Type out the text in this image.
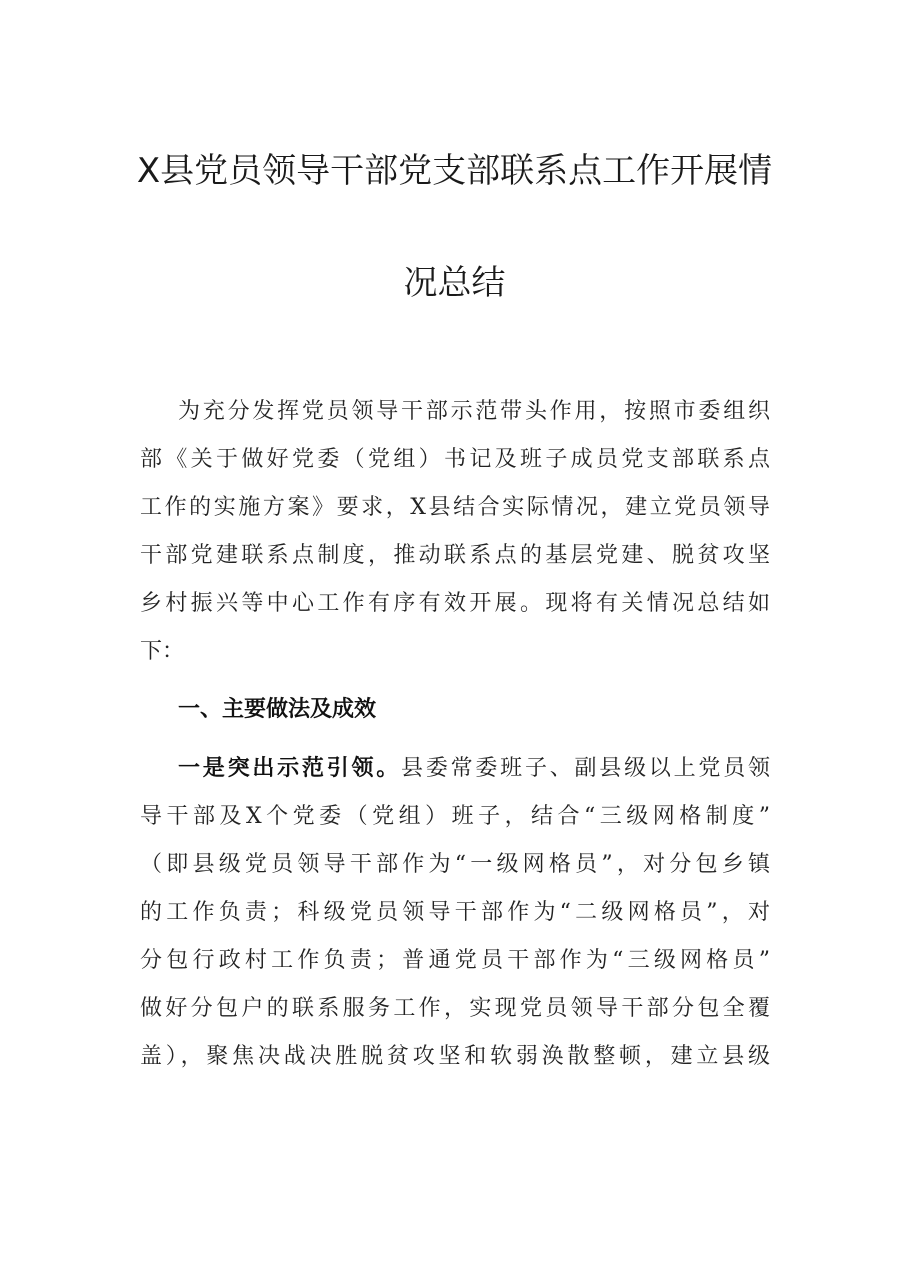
X县党员领导干部党支部联系点工作开展情
况总结
为充分发挥党员领导干部示范带头作用，按照市委组织
部《关于做好党委（党组）书记及班子成员党支部联系点
工作的实施方案》要求，X县结合实际情况，建立党员领导
干部党建联系点制度，推动联系点的基层党建、脱贫攻坚
乡村振兴等中心工作有序有效开展。现将有关情况总结如
下：
一、主要做法及成效
一是突出示范引领。县委常委班子、副县级以上党员领
导干部及X个党委（党组）班子，结合“三级网格制度”
（即县级党员领导干部作为“一级网格员”，对分包乡镇
的工作负责；科级党员领导干部作为“二级网格员”，对
分包行政村工作负责；普通党员干部作为“三级网格员”
做好分包户的联系服务工作，实现党员领导干部分包全覆
盖），聚焦决战决胜脱贫攻坚和软弱涣散整顿，建立县级
